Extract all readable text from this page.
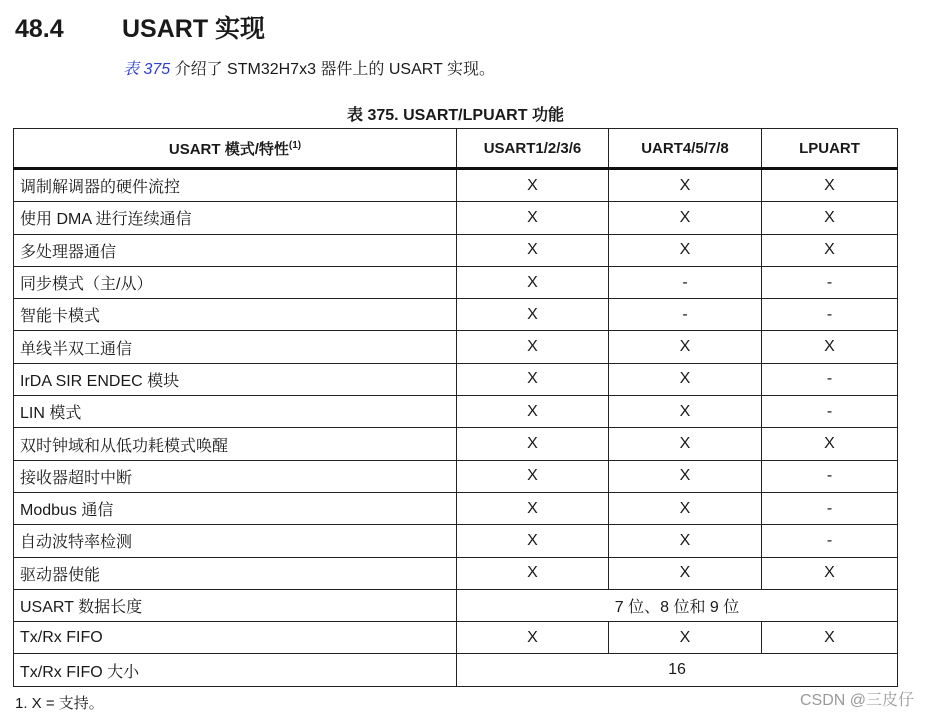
48.4 USART 实现
表 375 介绍了 STM32H7x3 器件上的 USART 实现。
表 375. USART/LPUART 功能
USART 模式/特性$^{(1)}$	USART1/2/3/6	UART4/5/7/8	LPUART
调制解调器的硬件流控	X	X	X
使用 DMA 进行连续通信	X	X	X
多处理器通信	X	X	X
同步模式（主/从）	X	-	-
智能卡模式	X	-	-
单线半双工通信	X	X	X
IrDA SIR ENDEC 模块	X	X	-
LIN 模式	X	X	-
双时钟域和从低功耗模式唤醒	X	X	X
接收器超时中断	X	X	-
Modbus 通信	X	X	-
自动波特率检测	X	X	-
驱动器使能	X	X	X
USART 数据长度	7 位、8 位和 9 位		
Tx/Rx FIFO	X	X	X
Tx/Rx FIFO 大小	16		
1. X = 支持。	CSDN @三皮仔
